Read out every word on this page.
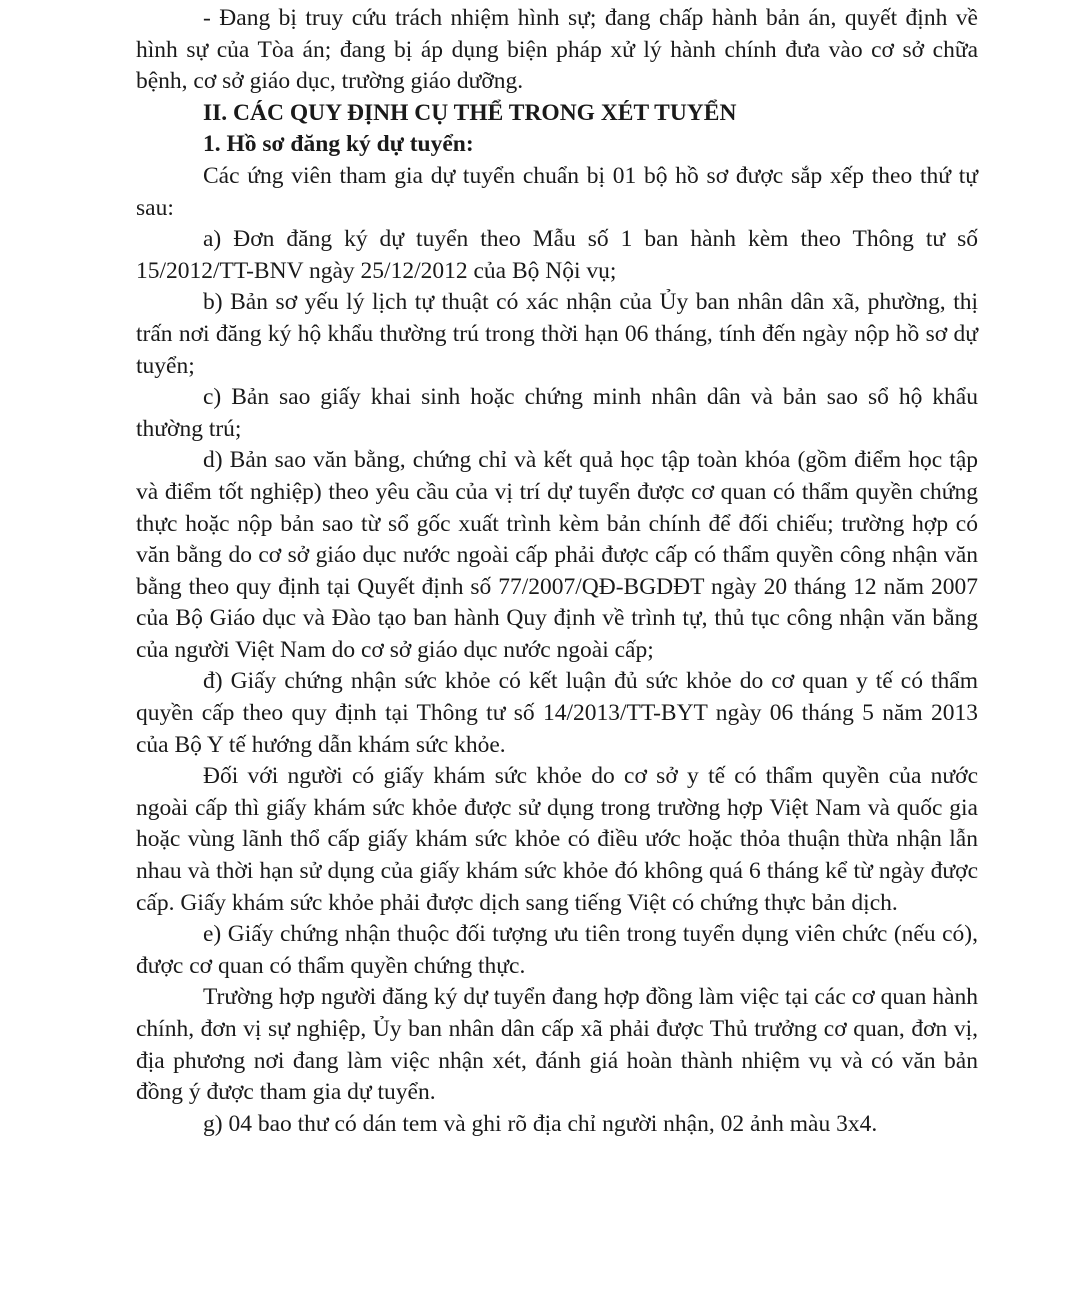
- Đang bị truy cứu trách nhiệm hình sự; đang chấp hành bản án, quyết định về hình sự của Tòa án; đang bị áp dụng biện pháp xử lý hành chính đưa vào cơ sở chữa bệnh, cơ sở giáo dục, trường giáo dưỡng.

II. CÁC QUY ĐỊNH CỤ THỂ TRONG XÉT TUYỂN

1. Hồ sơ đăng ký dự tuyển:

Các ứng viên tham gia dự tuyển chuẩn bị 01 bộ hồ sơ được sắp xếp theo thứ tự sau:

a) Đơn đăng ký dự tuyển theo Mẫu số 1 ban hành kèm theo Thông tư số 15/2012/TT-BNV ngày 25/12/2012 của Bộ Nội vụ;

b) Bản sơ yếu lý lịch tự thuật có xác nhận của Ủy ban nhân dân xã, phường, thị trấn nơi đăng ký hộ khẩu thường trú trong thời hạn 06 tháng, tính đến ngày nộp hồ sơ dự tuyển;

c) Bản sao giấy khai sinh hoặc chứng minh nhân dân và bản sao sổ hộ khẩu thường trú;

d) Bản sao văn bằng, chứng chỉ và kết quả học tập toàn khóa (gồm điểm học tập và điểm tốt nghiệp) theo yêu cầu của vị trí dự tuyển được cơ quan có thẩm quyền chứng thực hoặc nộp bản sao từ sổ gốc xuất trình kèm bản chính để đối chiếu; trường hợp có văn bằng do cơ sở giáo dục nước ngoài cấp phải được cấp có thẩm quyền công nhận văn bằng theo quy định tại Quyết định số 77/2007/QĐ-BGDĐT ngày 20 tháng 12 năm 2007 của Bộ Giáo dục và Đào tạo ban hành Quy định về trình tự, thủ tục công nhận văn bằng của người Việt Nam do cơ sở giáo dục nước ngoài cấp;

đ) Giấy chứng nhận sức khỏe có kết luận đủ sức khỏe do cơ quan y tế có thẩm quyền cấp theo quy định tại Thông tư số 14/2013/TT-BYT ngày 06 tháng 5 năm 2013 của Bộ Y tế hướng dẫn khám sức khỏe.

Đối với người có giấy khám sức khỏe do cơ sở y tế có thẩm quyền của nước ngoài cấp thì giấy khám sức khỏe được sử dụng trong trường hợp Việt Nam và quốc gia hoặc vùng lãnh thổ cấp giấy khám sức khỏe có điều ước hoặc thỏa thuận thừa nhận lẫn nhau và thời hạn sử dụng của giấy khám sức khỏe đó không quá 6 tháng kể từ ngày được cấp. Giấy khám sức khỏe phải được dịch sang tiếng Việt có chứng thực bản dịch.

e) Giấy chứng nhận thuộc đối tượng ưu tiên trong tuyển dụng viên chức (nếu có), được cơ quan có thẩm quyền chứng thực.

Trường hợp người đăng ký dự tuyển đang hợp đồng làm việc tại các cơ quan hành chính, đơn vị sự nghiệp, Ủy ban nhân dân cấp xã phải được Thủ trưởng cơ quan, đơn vị, địa phương nơi đang làm việc nhận xét, đánh giá hoàn thành nhiệm vụ và có văn bản đồng ý được tham gia dự tuyển.

g) 04 bao thư có dán tem và ghi rõ địa chỉ người nhận, 02 ảnh màu 3x4.
